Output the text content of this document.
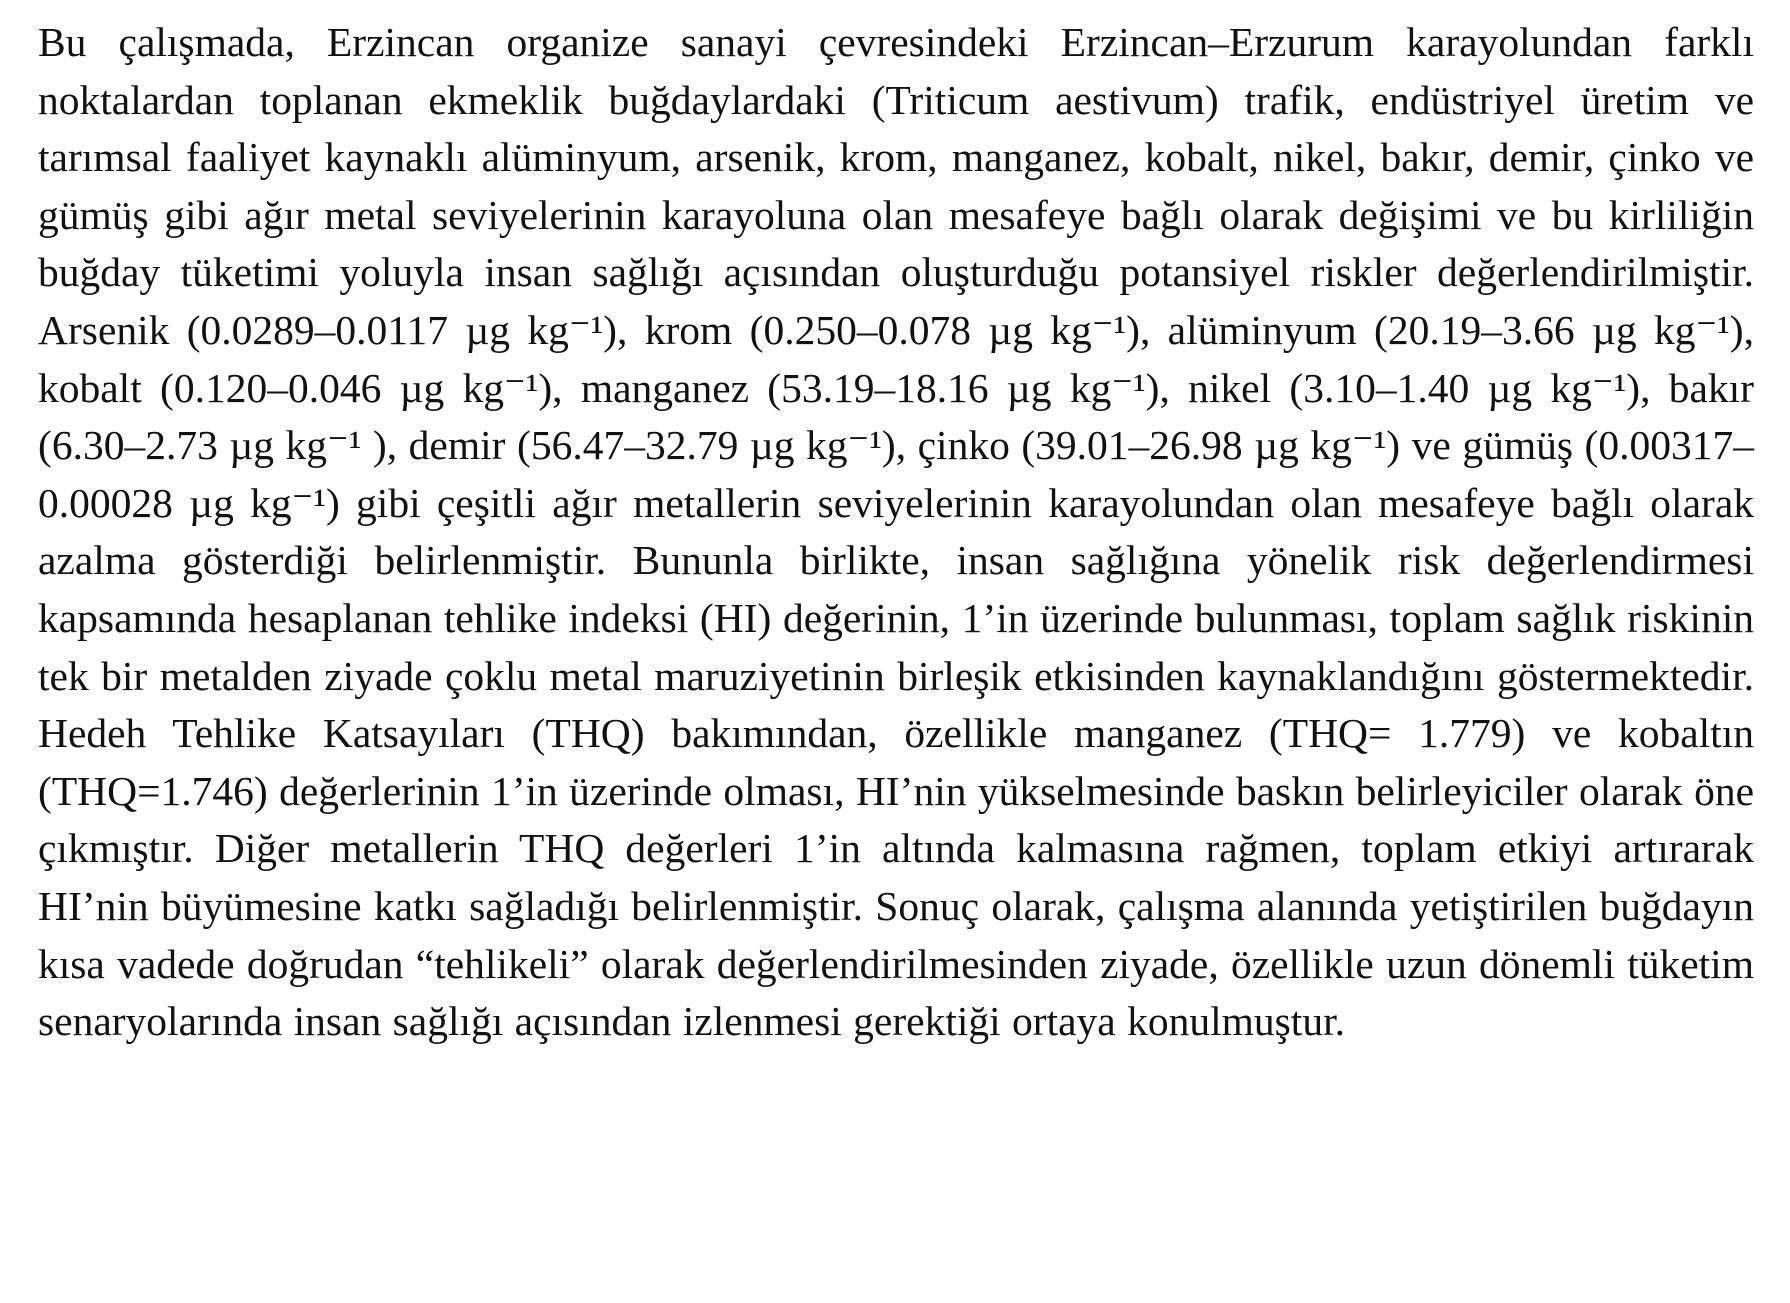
Bu çalışmada, Erzincan organize sanayi çevresindeki Erzincan–Erzurum karayolundan farklı noktalardan toplanan ekmeklik buğdaylardaki (Triticum aestivum) trafik, endüstriyel üretim ve tarımsal faaliyet kaynaklı alüminyum, arsenik, krom, manganez, kobalt, nikel, bakır, demir, çinko ve gümüş gibi ağır metal seviyelerinin karayoluna olan mesafeye bağlı olarak değişimi ve bu kirliliğin buğday tüketimi yoluyla insan sağlığı açısından oluşturduğu potansiyel riskler değerlendirilmiştir. Arsenik (0.0289–0.0117 µg kg⁻¹), krom (0.250–0.078 µg kg⁻¹), alüminyum (20.19–3.66 µg kg⁻¹), kobalt (0.120–0.046 µg kg⁻¹), manganez (53.19–18.16 µg kg⁻¹), nikel (3.10–1.40 µg kg⁻¹), bakır (6.30–2.73 µg kg⁻¹ ), demir (56.47–32.79 µg kg⁻¹), çinko (39.01–26.98 µg kg⁻¹) ve gümüş (0.00317–0.00028 µg kg⁻¹) gibi çeşitli ağır metallerin seviyelerinin karayolundan olan mesafeye bağlı olarak azalma gösterdiği belirlenmiştir. Bununla birlikte, insan sağlığına yönelik risk değerlendirmesi kapsamında hesaplanan tehlike indeksi (HI) değerinin, 1’in üzerinde bulunması, toplam sağlık riskinin tek bir metalden ziyade çoklu metal maruziyetinin birleşik etkisinden kaynaklandığını göstermektedir. Hedeh Tehlike Katsayıları (THQ) bakımından, özellikle manganez (THQ= 1.779) ve kobaltın (THQ=1.746) değerlerinin 1’in üzerinde olması, HI’nin yükselmesinde baskın belirleyiciler olarak öne çıkmıştır. Diğer metallerin THQ değerleri 1’in altında kalmasına rağmen, toplam etkiyi artırarak HI’nin büyümesine katkı sağladığı belirlenmiştir. Sonuç olarak, çalışma alanında yetiştirilen buğdayın kısa vadede doğrudan “tehlikeli” olarak değerlendirilmesinden ziyade, özellikle uzun dönemli tüketim senaryolarında insan sağlığı açısından izlenmesi gerektiği ortaya konulmuştur.
